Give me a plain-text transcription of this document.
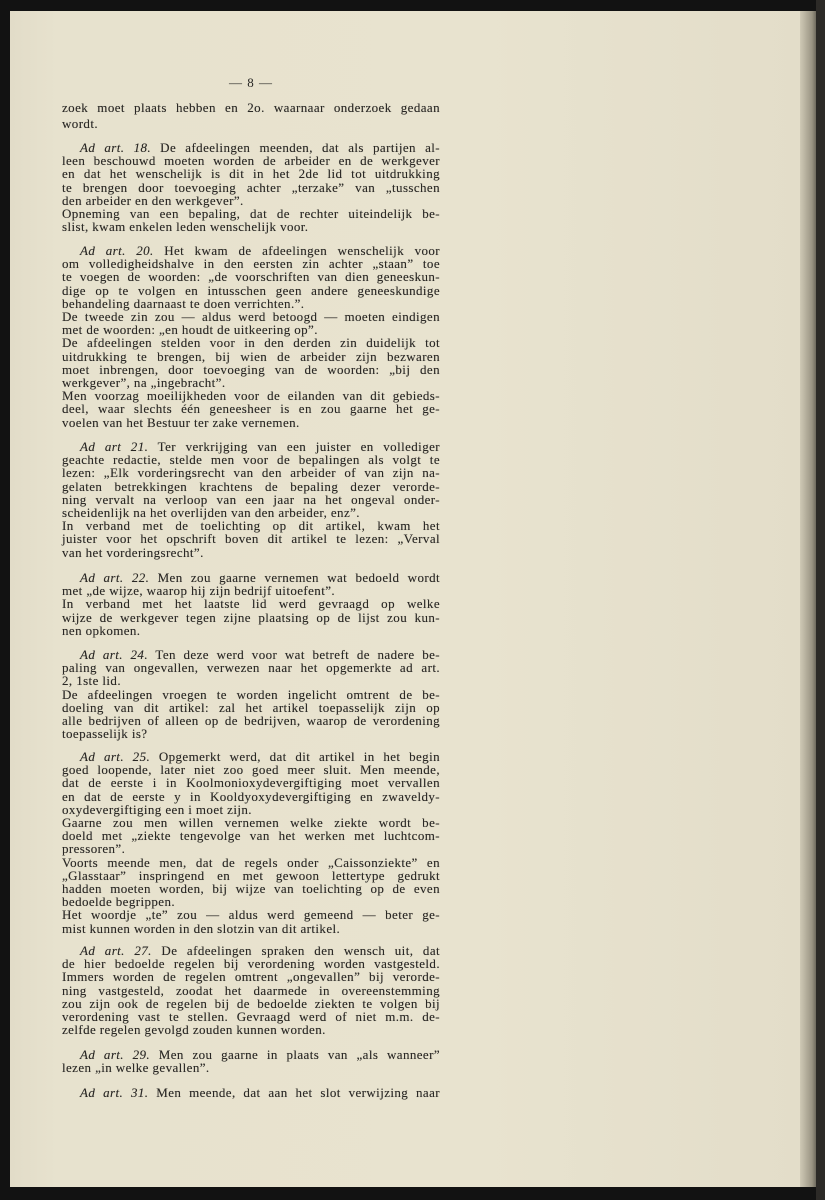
— 8 —
zoek moet plaats hebben en 2o. waarnaar onderzoek gedaan
wordt.
Ad art. 18. De afdeelingen meenden, dat als partijen al-
leen beschouwd moeten worden de arbeider en de werkgever
en dat het wenschelijk is dit in het 2de lid tot uitdrukking
te brengen door toevoeging achter „terzake” van „tusschen
den arbeider en den werkgever”.
Opneming van een bepaling, dat de rechter uiteindelijk be-
slist, kwam enkelen leden wenschelijk voor.
Ad art. 20. Het kwam de afdeelingen wenschelijk voor
om volledigheidshalve in den eersten zin achter „staan” toe
te voegen de woorden: „de voorschriften van dien geneeskun-
dige op te volgen en intusschen geen andere geneeskundige
behandeling daarnaast te doen verrichten.”.
De tweede zin zou — aldus werd betoogd — moeten eindigen
met de woorden: „en houdt de uitkeering op”.
De afdeelingen stelden voor in den derden zin duidelijk tot
uitdrukking te brengen, bij wien de arbeider zijn bezwaren
moet inbrengen, door toevoeging van de woorden: „bij den
werkgever”, na „ingebracht”.
Men voorzag moeilijkheden voor de eilanden van dit gebieds-
deel, waar slechts één geneesheer is en zou gaarne het ge-
voelen van het Bestuur ter zake vernemen.
Ad art 21. Ter verkrijging van een juister en vollediger
geachte redactie, stelde men voor de bepalingen als volgt te
lezen: „Elk vorderingsrecht van den arbeider of van zijn na-
gelaten betrekkingen krachtens de bepaling dezer verorde-
ning vervalt na verloop van een jaar na het ongeval onder-
scheidenlijk na het overlijden van den arbeider, enz”.
In verband met de toelichting op dit artikel, kwam het
juister voor het opschrift boven dit artikel te lezen: „Verval
van het vorderingsrecht”.
Ad art. 22. Men zou gaarne vernemen wat bedoeld wordt
met „de wijze, waarop hij zijn bedrijf uitoefent”.
In verband met het laatste lid werd gevraagd op welke
wijze de werkgever tegen zijne plaatsing op de lijst zou kun-
nen opkomen.
Ad art. 24. Ten deze werd voor wat betreft de nadere be-
paling van ongevallen, verwezen naar het opgemerkte ad art.
2, 1ste lid.
De afdeelingen vroegen te worden ingelicht omtrent de be-
doeling van dit artikel: zal het artikel toepasselijk zijn op
alle bedrijven of alleen op de bedrijven, waarop de verordening
toepasselijk is?
Ad art. 25. Opgemerkt werd, dat dit artikel in het begin
goed loopende, later niet zoo goed meer sluit. Men meende,
dat de eerste i in Koolmonioxydevergiftiging moet vervallen
en dat de eerste y in Kooldyoxydevergiftiging en zwaveldy-
oxydevergiftiging een i moet zijn.
Gaarne zou men willen vernemen welke ziekte wordt be-
doeld met „ziekte tengevolge van het werken met luchtcom-
pressoren”.
Voorts meende men, dat de regels onder „Caissonziekte” en
„Glasstaar” inspringend en met gewoon lettertype gedrukt
hadden moeten worden, bij wijze van toelichting op de even
bedoelde begrippen.
Het woordje „te” zou — aldus werd gemeend — beter ge-
mist kunnen worden in den slotzin van dit artikel.
Ad art. 27. De afdeelingen spraken den wensch uit, dat
de hier bedoelde regelen bij verordening worden vastgesteld.
Immers worden de regelen omtrent „ongevallen” bij verorde-
ning vastgesteld, zoodat het daarmede in overeenstemming
zou zijn ook de regelen bij de bedoelde ziekten te volgen bij
verordening vast te stellen. Gevraagd werd of niet m.m. de-
zelfde regelen gevolgd zouden kunnen worden.
Ad art. 29. Men zou gaarne in plaats van „als wanneer”
lezen „in welke gevallen”.
Ad art. 31. Men meende, dat aan het slot verwijzing naar
